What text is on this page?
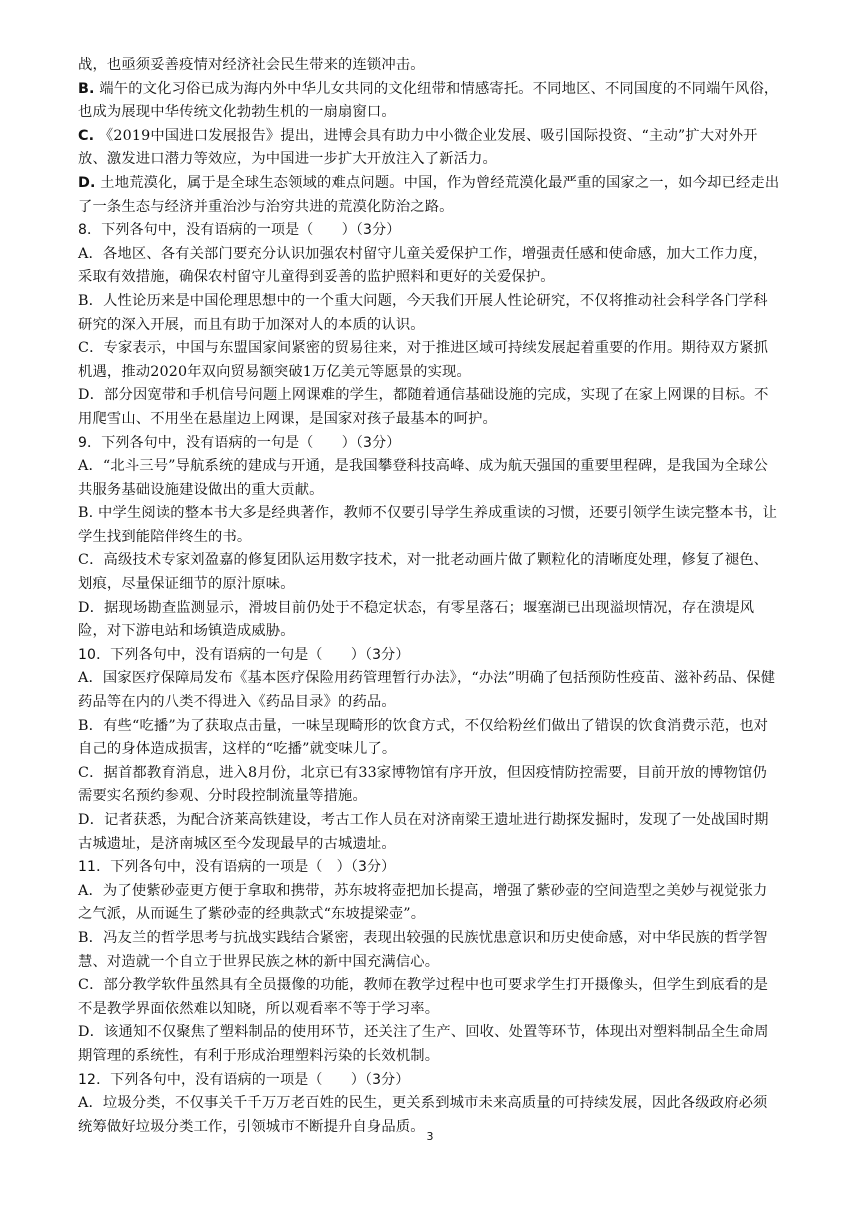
战，也亟须妥善疫情对经济社会民生带来的连锁冲击。

B. 端午的文化习俗已成为海内外中华儿女共同的文化纽带和情感寄托。不同地区、不同国度的不同端午风俗，也成为展现中华传统文化勃勃生机的一扇扇窗口。

C. 《2019中国进口发展报告》提出，进博会具有助力中小微企业发展、吸引国际投资、“主动”扩大对外开放、激发进口潜力等效应，为中国进一步扩大开放注入了新活力。

D. 土地荒漠化，属于是全球生态领域的难点问题。中国，作为曾经荒漠化最严重的国家之一，如今却已经走出了一条生态与经济并重治沙与治穷共进的荒漠化防治之路。

8．下列各句中，没有语病的一项是（　　）（3分）

A．各地区、各有关部门要充分认识加强农村留守儿童关爱保护工作，增强责任感和使命感，加大工作力度，采取有效措施，确保农村留守儿童得到妥善的监护照料和更好的关爱保护。

B．人性论历来是中国伦理思想中的一个重大问题，今天我们开展人性论研究，不仅将推动社会科学各门学科研究的深入开展，而且有助于加深对人的本质的认识。

C．专家表示，中国与东盟国家间紧密的贸易往来，对于推进区域可持续发展起着重要的作用。期待双方紧抓机遇，推动2020年双向贸易额突破1万亿美元等愿景的实现。

D．部分因宽带和手机信号问题上网课难的学生，都随着通信基础设施的完成，实现了在家上网课的目标。不用爬雪山、不用坐在悬崖边上网课，是国家对孩子最基本的呵护。

9．下列各句中，没有语病的一句是（　　）（3分）

A．“北斗三号”导航系统的建成与开通，是我国攀登科技高峰、成为航天强国的重要里程碑，是我国为全球公共服务基础设施建设做出的重大贡献。

B. 中学生阅读的整本书大多是经典著作，教师不仅要引导学生养成重读的习惯，还要引领学生读完整本书，让学生找到能陪伴终生的书。

C．高级技术专家刘盈嘉的修复团队运用数字技术，对一批老动画片做了颗粒化的清晰度处理，修复了褪色、划痕，尽量保证细节的原汁原味。

D．据现场勘查监测显示，滑坡目前仍处于不稳定状态，有零星落石；堰塞湖已出现溢坝情况，存在溃堤风险，对下游电站和场镇造成威胁。

10．下列各句中，没有语病的一句是（　　）（3分）

A．国家医疗保障局发布《基本医疗保险用药管理暂行办法》，“办法”明确了包括预防性疫苗、滋补药品、保健药品等在内的八类不得进入《药品目录》的药品。

B．有些“吃播”为了获取点击量，一味呈现畸形的饮食方式，不仅给粉丝们做出了错误的饮食消费示范，也对自己的身体造成损害，这样的“吃播”就变味儿了。

C．据首都教育消息，进入8月份，北京已有33家博物馆有序开放，但因疫情防控需要，目前开放的博物馆仍需要实名预约参观、分时段控制流量等措施。

D．记者获悉，为配合济莱高铁建设，考古工作人员在对济南梁王遗址进行勘探发掘时，发现了一处战国时期古城遗址，是济南城区至今发现最早的古城遗址。

11．下列各句中，没有语病的一项是（　）（3分）

A．为了使紫砂壶更方便于拿取和携带，苏东坡将壶把加长提高，增强了紫砂壶的空间造型之美妙与视觉张力之气派，从而诞生了紫砂壶的经典款式“东坡提梁壶”。

B．冯友兰的哲学思考与抗战实践结合紧密，表现出较强的民族忧患意识和历史使命感，对中华民族的哲学智慧、对造就一个自立于世界民族之林的新中国充满信心。

C．部分教学软件虽然具有全员摄像的功能，教师在教学过程中也可要求学生打开摄像头，但学生到底看的是不是教学界面依然难以知晓，所以观看率不等于学习率。

D．该通知不仅聚焦了塑料制品的使用环节，还关注了生产、回收、处置等环节，体现出对塑料制品全生命周期管理的系统性，有利于形成治理塑料污染的长效机制。

12．下列各句中，没有语病的一项是（　　）（3分）

A．垃圾分类，不仅事关千千万万老百姓的民生，更关系到城市未来高质量的可持续发展，因此各级政府必须统筹做好垃圾分类工作，引领城市不断提升自身品质。

3
